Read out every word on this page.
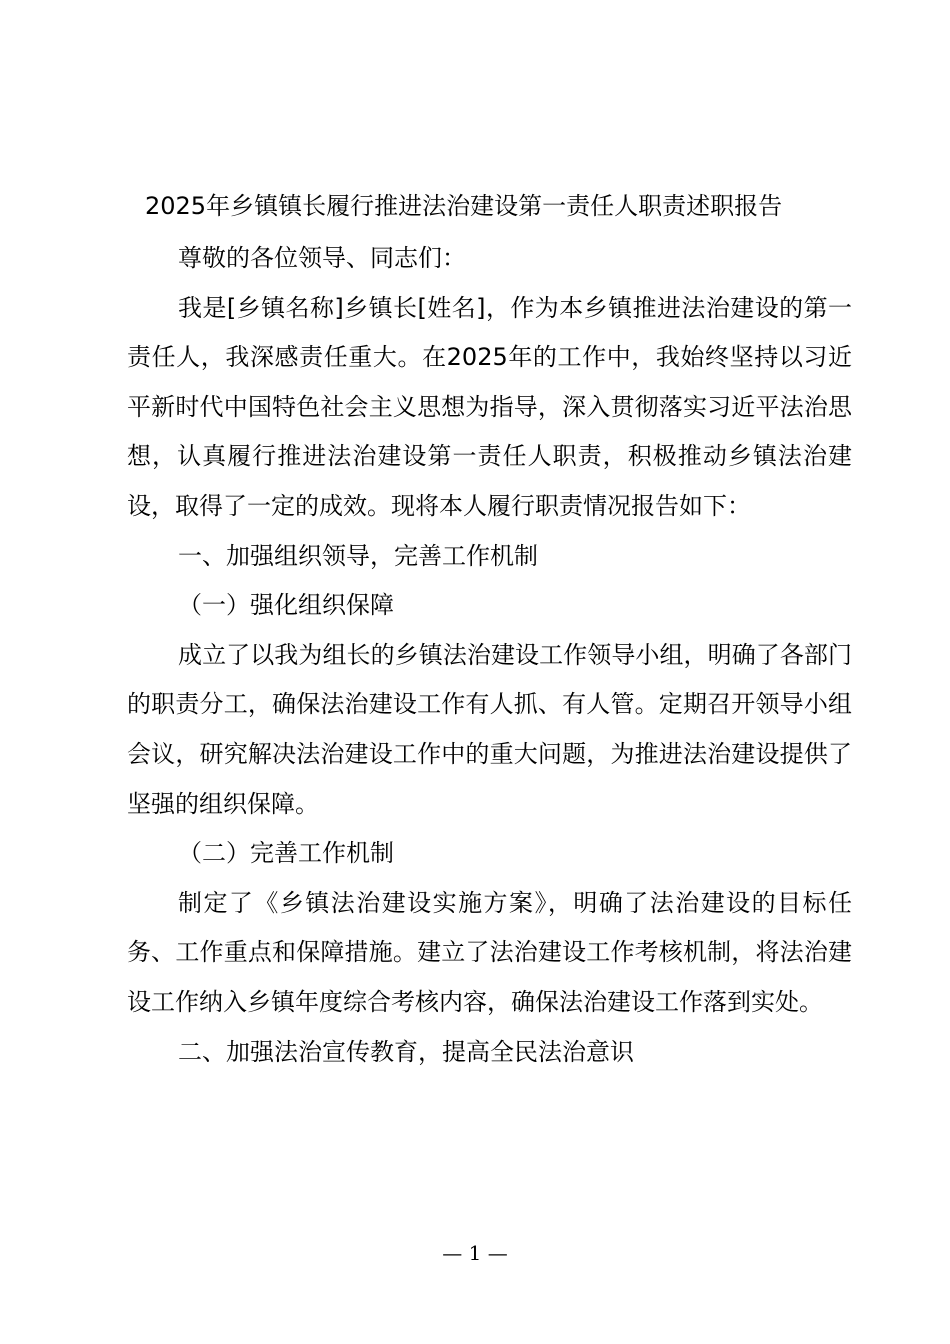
2025年乡镇镇长履行推进法治建设第一责任人职责述职报告

尊敬的各位领导、同志们：

我是[乡镇名称]乡镇长[姓名]，作为本乡镇推进法治建设的第一责任人，我深感责任重大。在2025年的工作中，我始终坚持以习近平新时代中国特色社会主义思想为指导，深入贯彻落实习近平法治思想，认真履行推进法治建设第一责任人职责，积极推动乡镇法治建设，取得了一定的成效。现将本人履行职责情况报告如下：

一、加强组织领导，完善工作机制

（一）强化组织保障

成立了以我为组长的乡镇法治建设工作领导小组，明确了各部门的职责分工，确保法治建设工作有人抓、有人管。定期召开领导小组会议，研究解决法治建设工作中的重大问题，为推进法治建设提供了坚强的组织保障。

（二）完善工作机制

制定了《乡镇法治建设实施方案》，明确了法治建设的目标任务、工作重点和保障措施。建立了法治建设工作考核机制，将法治建设工作纳入乡镇年度综合考核内容，确保法治建设工作落到实处。

二、加强法治宣传教育，提高全民法治意识

— 1 —
